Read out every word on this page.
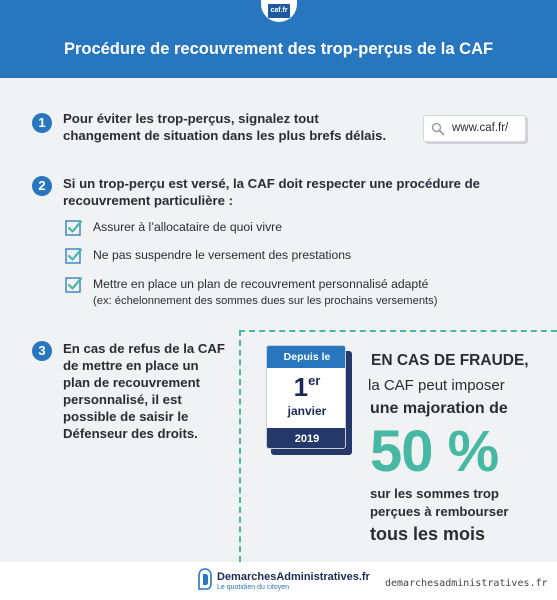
caf.fr
Procédure de recouvrement des trop-perçus de la CAF
1	Pour éviter les trop-perçus, signalez tout
changement de situation dans les plus brefs délais.	www.caf.fr/
2	Si un trop-perçu est versé, la CAF doit respecter une procédure de
recouvrement particulière :
Assurer à l’allocataire de quoi vivre
Ne pas suspendre le versement des prestations
Mettre en place un plan de recouvrement personnalisé adapté
(ex: échelonnement des sommes dues sur les prochains versements)
3	En cas de refus de la CAF
de mettre en place un
plan de recouvrement
personnalisé, il est
possible de saisir le
Défenseur des droits.
Depuis le
1er
janvier
2019
EN CAS DE FRAUDE,
la CAF peut imposer
une majoration de
50 %
sur les sommes trop
perçues à rembourser
tous les mois
DemarchesAdministratives.fr
Le quotidien du citoyen	demarchesadministratives.fr
